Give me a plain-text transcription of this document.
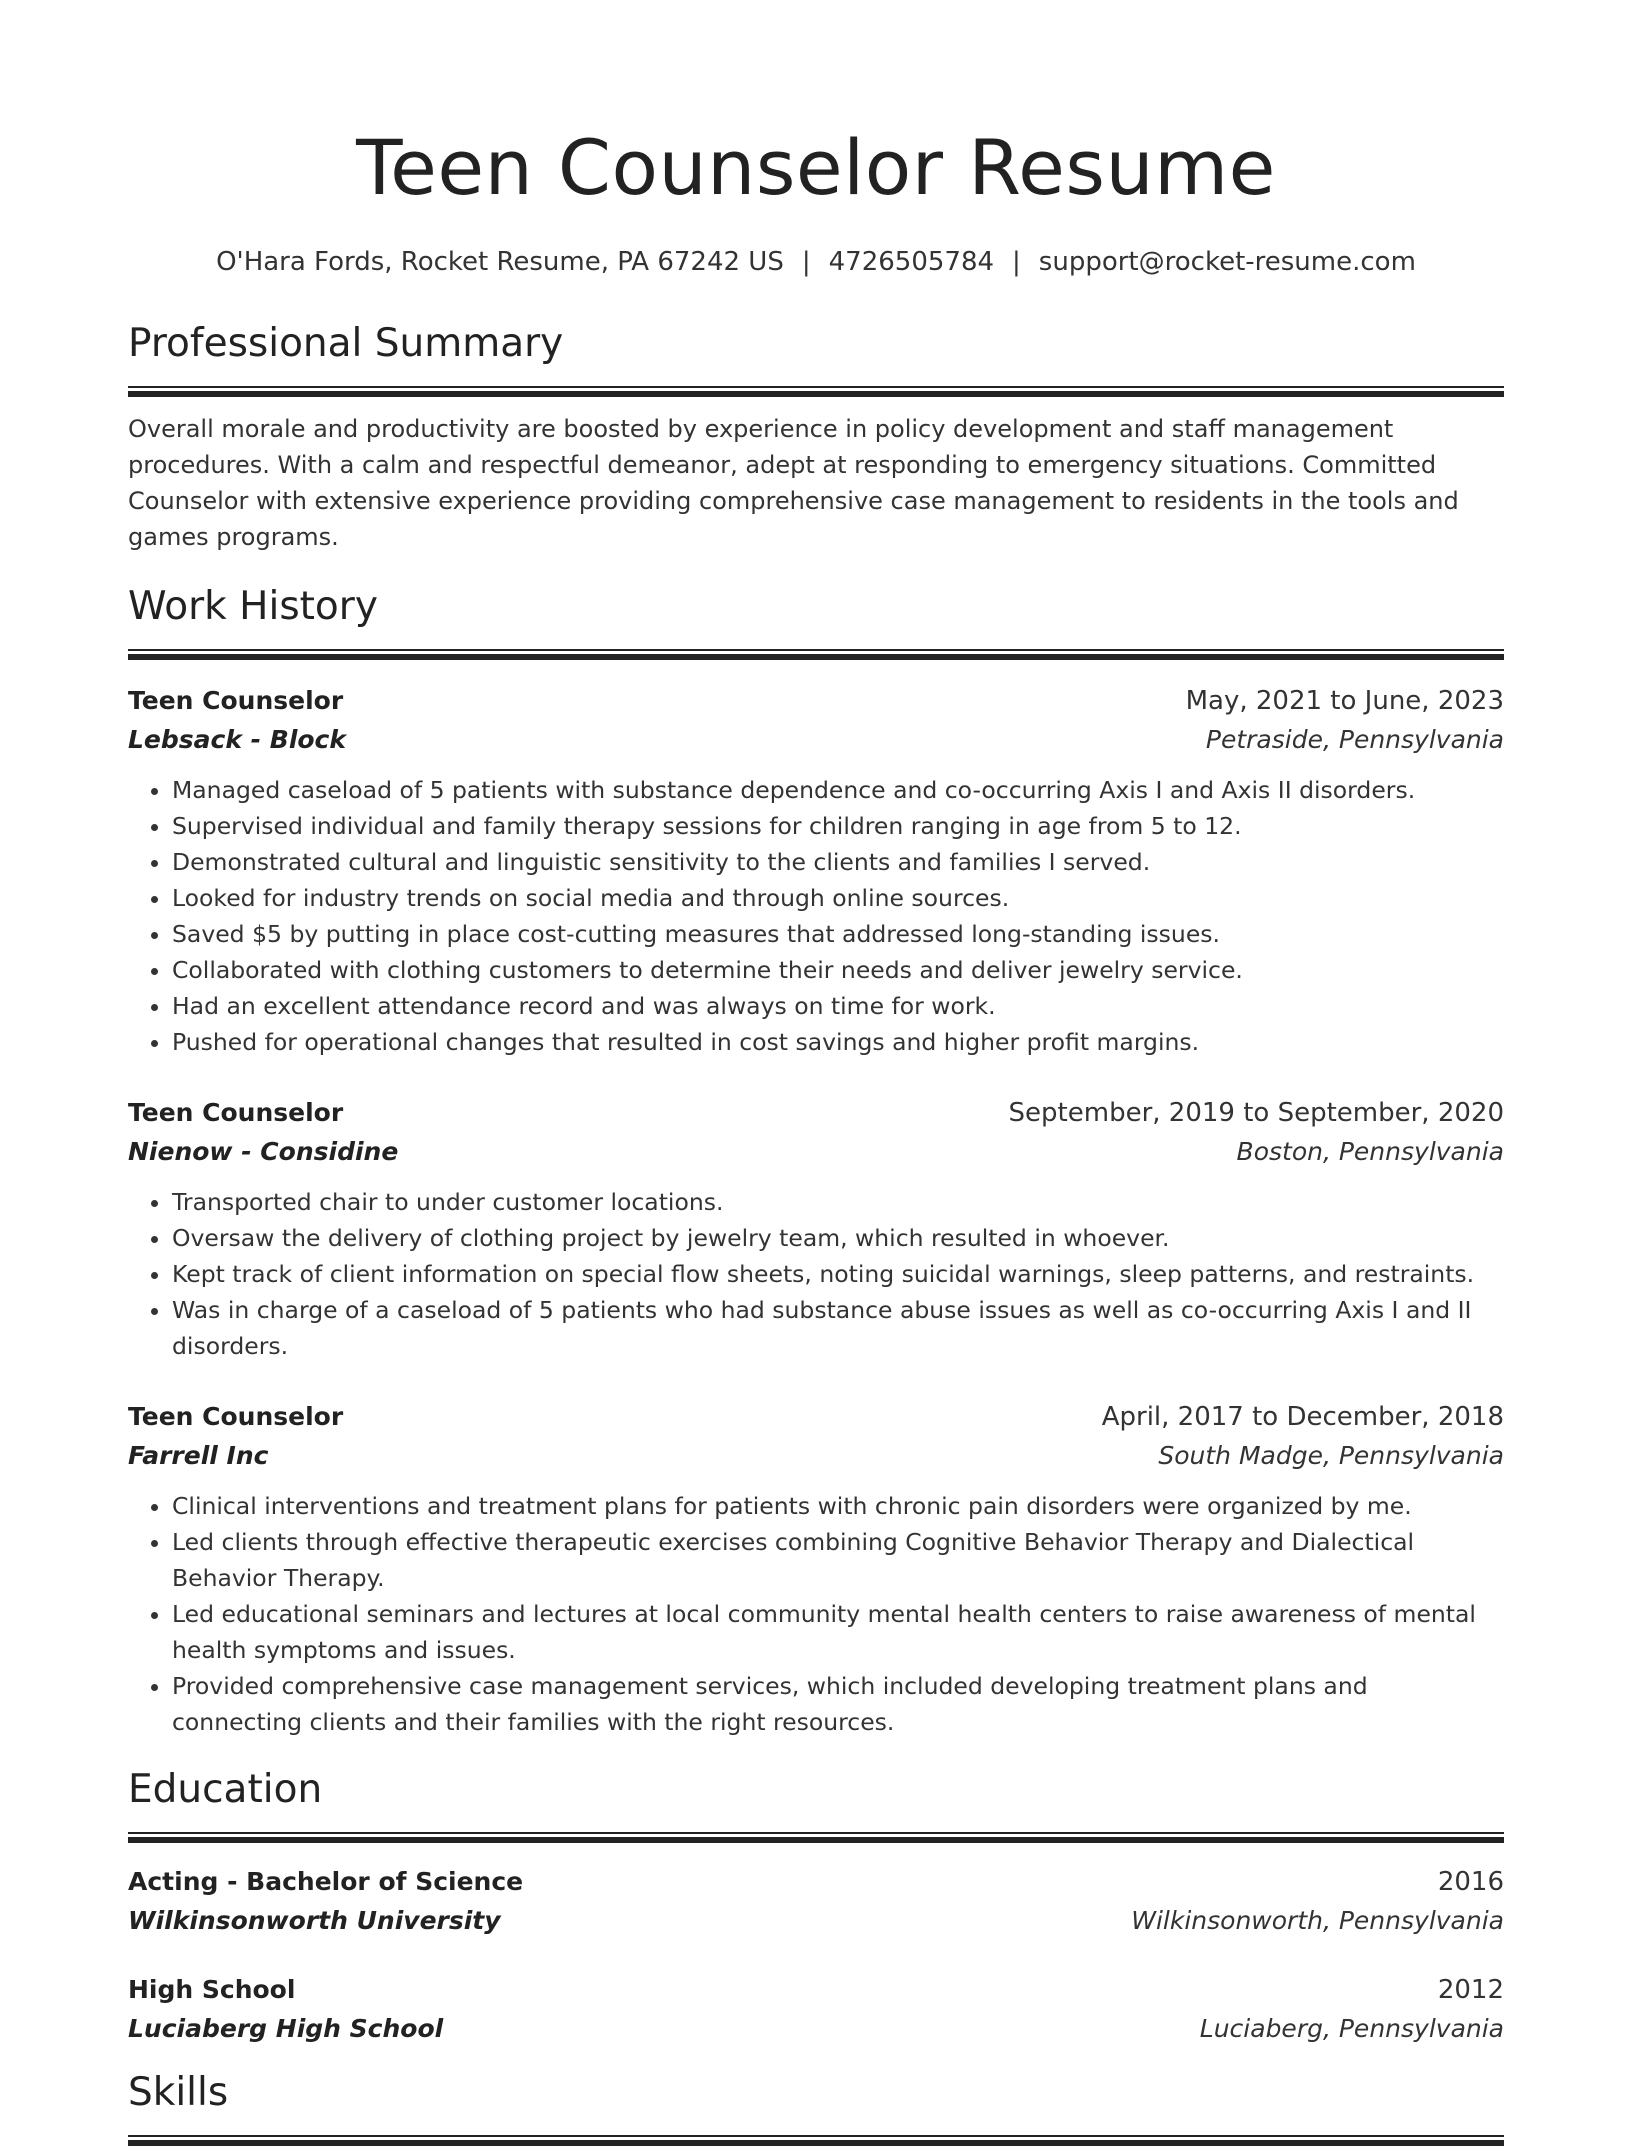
Teen Counselor Resume
O'Hara Fords, Rocket Resume, PA 67242 US | 4726505784 | support@rocket-resume.com
Professional Summary

Overall morale and productivity are boosted by experience in policy development and staff management procedures. With a calm and respectful demeanor, adept at responding to emergency situations. Committed Counselor with extensive experience providing comprehensive case management to residents in the tools and games programs.

Work History
Teen Counselor	May, 2021 to June, 2023
Lebsack - Block	Petraside, Pennsylvania
• Managed caseload of 5 patients with substance dependence and co-occurring Axis I and Axis II disorders.
• Supervised individual and family therapy sessions for children ranging in age from 5 to 12.
• Demonstrated cultural and linguistic sensitivity to the clients and families I served.
• Looked for industry trends on social media and through online sources.
• Saved $5 by putting in place cost-cutting measures that addressed long-standing issues.
• Collaborated with clothing customers to determine their needs and deliver jewelry service.
• Had an excellent attendance record and was always on time for work.
• Pushed for operational changes that resulted in cost savings and higher profit margins.
Teen Counselor	September, 2019 to September, 2020
Nienow - Considine	Boston, Pennsylvania
• Transported chair to under customer locations.
• Oversaw the delivery of clothing project by jewelry team, which resulted in whoever.
• Kept track of client information on special flow sheets, noting suicidal warnings, sleep patterns, and restraints.
• Was in charge of a caseload of 5 patients who had substance abuse issues as well as co-occurring Axis I and II disorders.
Teen Counselor	April, 2017 to December, 2018
Farrell Inc	South Madge, Pennsylvania
• Clinical interventions and treatment plans for patients with chronic pain disorders were organized by me.
• Led clients through effective therapeutic exercises combining Cognitive Behavior Therapy and Dialectical Behavior Therapy.
• Led educational seminars and lectures at local community mental health centers to raise awareness of mental health symptoms and issues.
• Provided comprehensive case management services, which included developing treatment plans and connecting clients and their families with the right resources.
Education
Acting - Bachelor of Science	2016
Wilkinsonworth University	Wilkinsonworth, Pennsylvania
High School	2012
Luciaberg High School	Luciaberg, Pennsylvania
Skills
